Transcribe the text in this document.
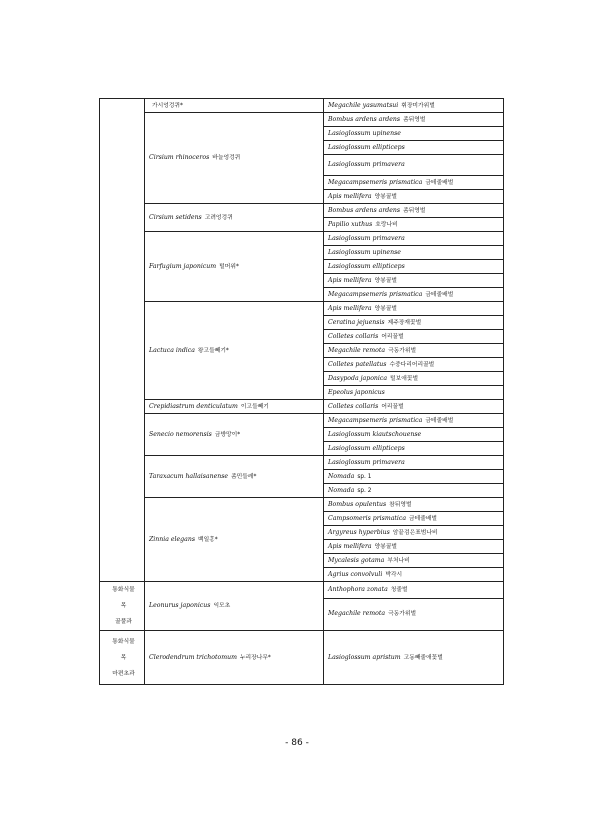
	가시엉겅퀴*	Megachile yasumatsui 휘장미가위벌
	Cirsium rhinoceros 바늘엉겅퀴	Bombus ardens ardens 좀뒤영벌
		Lasioglossum upinense
		Lasioglossum ellipticeps
		Lasioglossum primavera
		Megacampsemeris prismatica 금테줄배벌
		Apis mellifera 양봉꿀벌
	Cirsium setidens 고려엉겅퀴	Bombus ardens ardens 좀뒤영벌
		Papilio xuthus 호랑나비
	Farfugium japonicum 털머위*	Lasioglossum primavera
		Lasioglossum upinense
		Lasioglossum ellipticeps
		Apis mellifera 양봉꿀벌
		Megacampsemeris prismatica 금테줄배벌
	Lactuca indica 왕고들빼기*	Apis mellifera 양봉꿀벌
		Ceratina jejuensis 제주장재꽃벌
		Colletes collaris 어리꿀벌
		Megachile remota 극동가위벌
		Colletes patellatus 수중다리어리꿀벌
		Dasypoda japonica 털보애꽃벌
		Epeolus japonicus
	Crepidiastrum denticulatum 이고들빼기	Colletes collaris 어리꿀벌
	Senecio nemorensis 금방망이*	Megacampsemeris prismatica 금테줄배벌
		Lasioglossum kiautschouense
		Lasioglossum ellipticeps
	Taraxacum hallaisanense 좀민들레*	Lasioglossum primavera
		Nomada sp. 1
		Nomada sp. 2
	Zinnia elegans 백일홍*	Bombus opulentus 참뒤영벌
		Campsomeris prismatica 금테줄배벌
		Argyreus hyperbius 암끝검은표범나비
		Apis mellifera 양봉꿀벌
		Mycalesis gotama 부처나비
		Agrius convolvuli 박각시

통화식물
목
꿀풀과	Leonurus japonicus 익모초	Anthophora zonata 청줄벌
		Megachile remota 극동가위벌

통화식물
목
마편초과	Clerodendrum trichotomum 누리장나무*	Lasioglossum apristum 고동빼줄애꽃벌
- 86 -
